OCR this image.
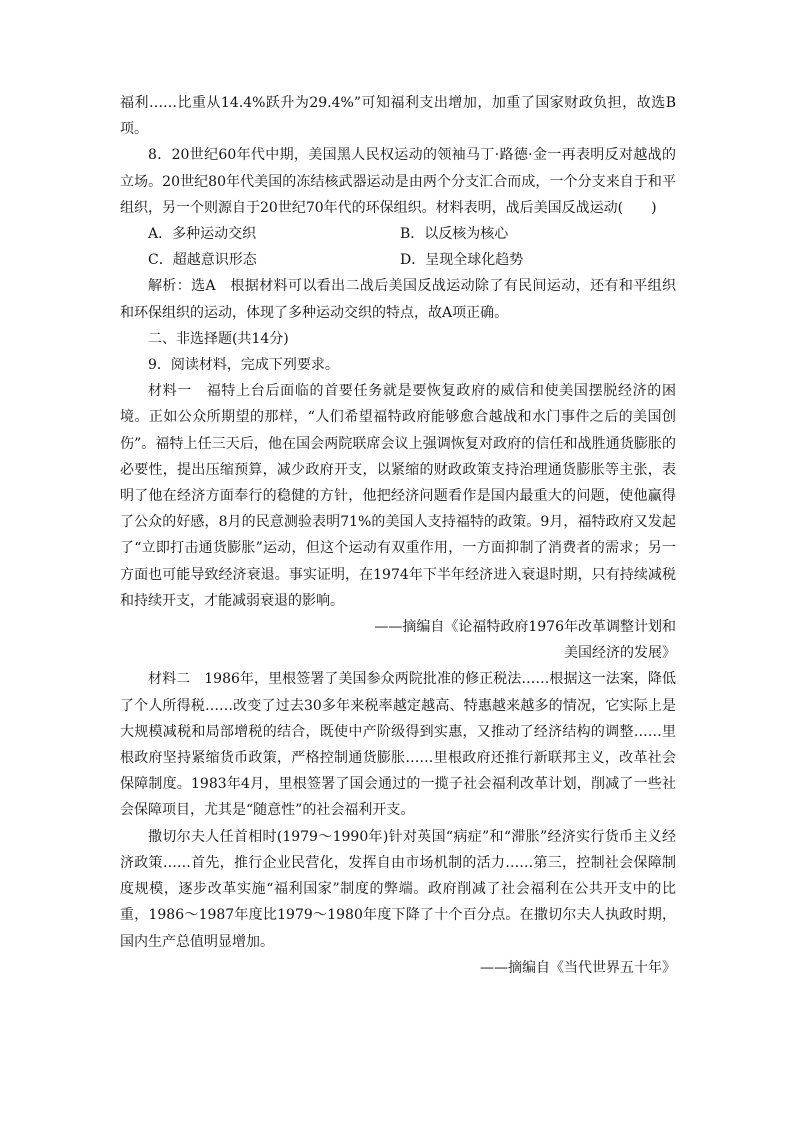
福利……比重从14.4%跃升为29.4%”可知福利支出增加，加重了国家财政负担，故选B项。

8．20世纪60年代中期，美国黑人民权运动的领袖马丁·路德·金一再表明反对越战的立场。20世纪80年代美国的冻结核武器运动是由两个分支汇合而成，一个分支来自于和平组织，另一个则源自于20世纪70年代的环保组织。材料表明，战后美国反战运动(　　)

A．多种运动交织	B．以反核为核心
C．超越意识形态	D．呈现全球化趋势

解析：选A　根据材料可以看出二战后美国反战运动除了有民间运动，还有和平组织和环保组织的运动，体现了多种运动交织的特点，故A项正确。

二、非选择题(共14分)

9．阅读材料，完成下列要求。

材料一　福特上台后面临的首要任务就是要恢复政府的威信和使美国摆脱经济的困境。正如公众所期望的那样，“人们希望福特政府能够愈合越战和水门事件之后的美国创伤”。福特上任三天后，他在国会两院联席会议上强调恢复对政府的信任和战胜通货膨胀的必要性，提出压缩预算，减少政府开支，以紧缩的财政政策支持治理通货膨胀等主张，表明了他在经济方面奉行的稳健的方针，他把经济问题看作是国内最重大的问题，使他赢得了公众的好感，8月的民意测验表明71%的美国人支持福特的政策。9月，福特政府又发起了“立即打击通货膨胀”运动，但这个运动有双重作用，一方面抑制了消费者的需求；另一方面也可能导致经济衰退。事实证明，在1974年下半年经济进入衰退时期，只有持续减税和持续开支，才能减弱衰退的影响。

——摘编自《论福特政府1976年改革调整计划和

美国经济的发展》

材料二　1986年，里根签署了美国参众两院批准的修正税法……根据这一法案，降低了个人所得税……改变了过去30多年来税率越定越高、特惠越来越多的情况，它实际上是大规模减税和局部增税的结合，既使中产阶级得到实惠，又推动了经济结构的调整……里根政府坚持紧缩货币政策，严格控制通货膨胀……里根政府还推行新联邦主义，改革社会保障制度。1983年4月，里根签署了国会通过的一揽子社会福利改革计划，削减了一些社会保障项目，尤其是“随意性”的社会福利开支。

撒切尔夫人任首相时(1979～1990年)针对英国“病症”和“滞胀”经济实行货币主义经济政策……首先，推行企业民营化，发挥自由市场机制的活力……第三，控制社会保障制度规模，逐步改革实施“福利国家”制度的弊端。政府削减了社会福利在公共开支中的比重，1986～1987年度比1979～1980年度下降了十个百分点。在撒切尔夫人执政时期，国内生产总值明显增加。

——摘编自《当代世界五十年》
